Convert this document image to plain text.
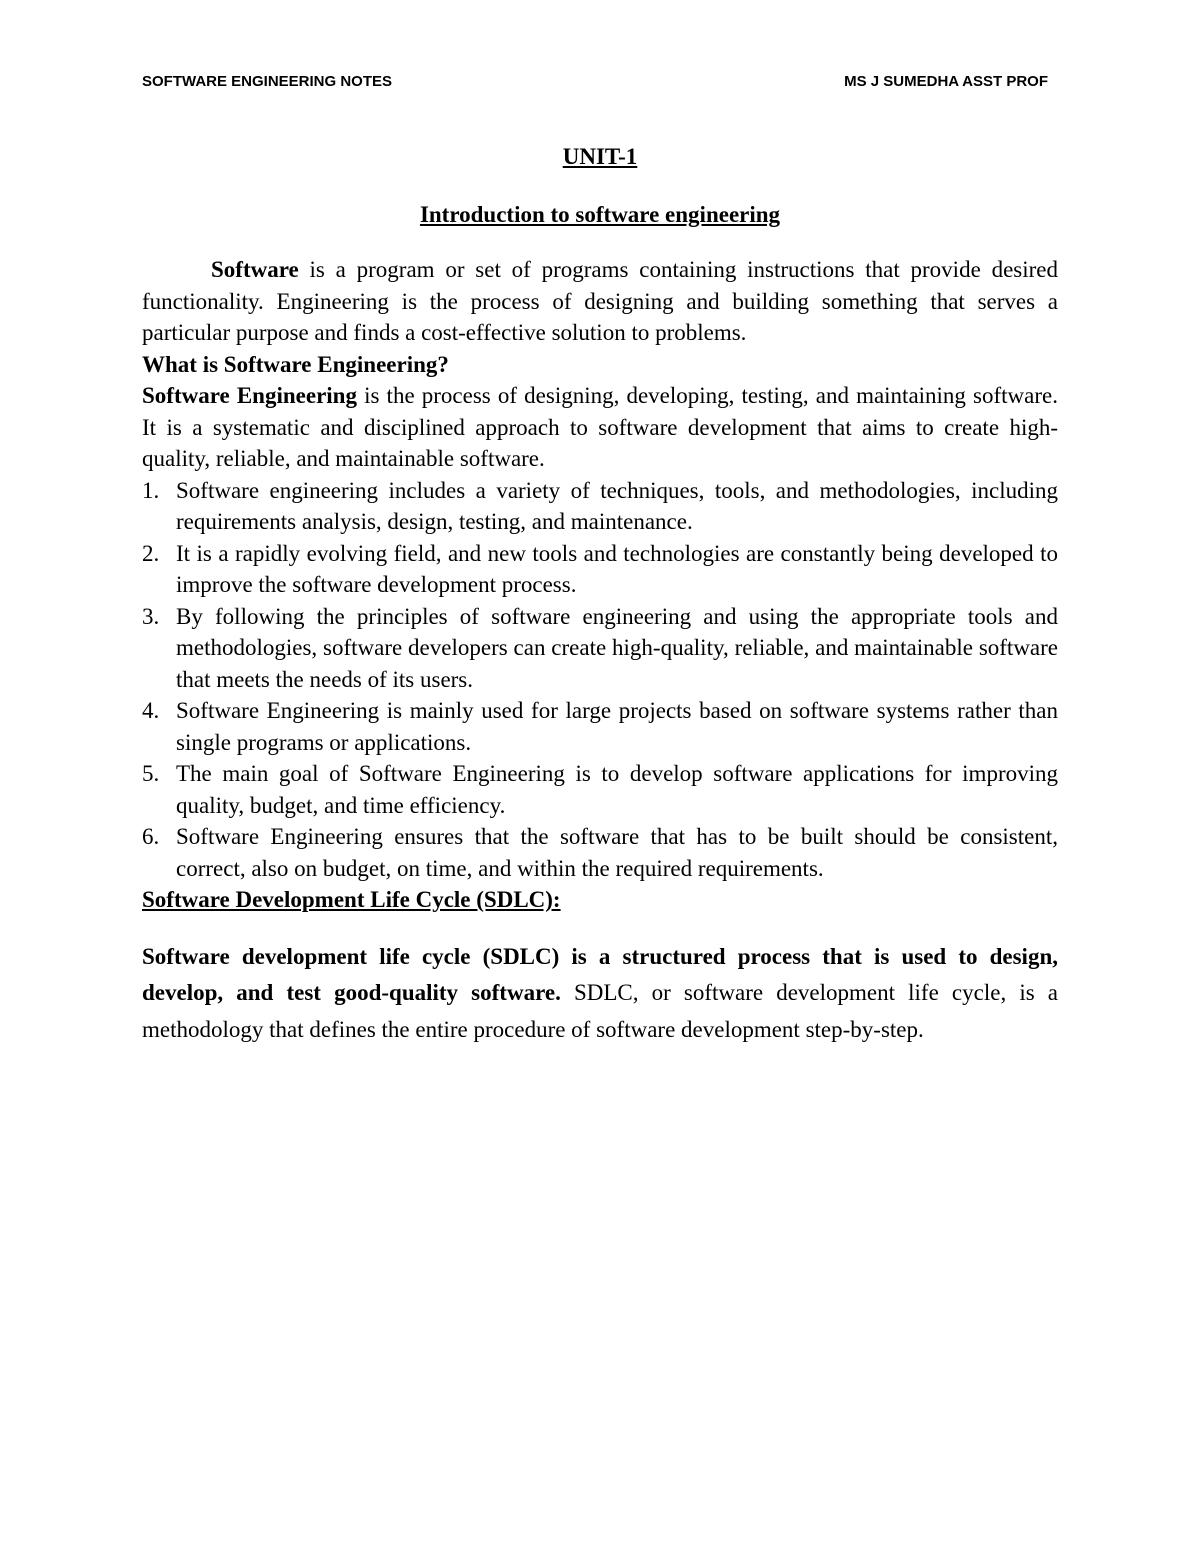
SOFTWARE ENGINEERING NOTES	MS J SUMEDHA ASST PROF
UNIT-1
Introduction to software engineering

Software is a program or set of programs containing instructions that provide desired functionality. Engineering is the process of designing and building something that serves a particular purpose and finds a cost-effective solution to problems.

What is Software Engineering?

Software Engineering is the process of designing, developing, testing, and maintaining software. It is a systematic and disciplined approach to software development that aims to create high-quality, reliable, and maintainable software.

1. Software engineering includes a variety of techniques, tools, and methodologies, including requirements analysis, design, testing, and maintenance.
2. It is a rapidly evolving field, and new tools and technologies are constantly being developed to improve the software development process.
3. By following the principles of software engineering and using the appropriate tools and methodologies, software developers can create high-quality, reliable, and maintainable software that meets the needs of its users.
4. Software Engineering is mainly used for large projects based on software systems rather than single programs or applications.
5. The main goal of Software Engineering is to develop software applications for improving quality, budget, and time efficiency.
6. Software Engineering ensures that the software that has to be built should be consistent, correct, also on budget, on time, and within the required requirements.

Software Development Life Cycle (SDLC):

Software development life cycle (SDLC) is a structured process that is used to design, develop, and test good-quality software. SDLC, or software development life cycle, is a methodology that defines the entire procedure of software development step-by-step.
